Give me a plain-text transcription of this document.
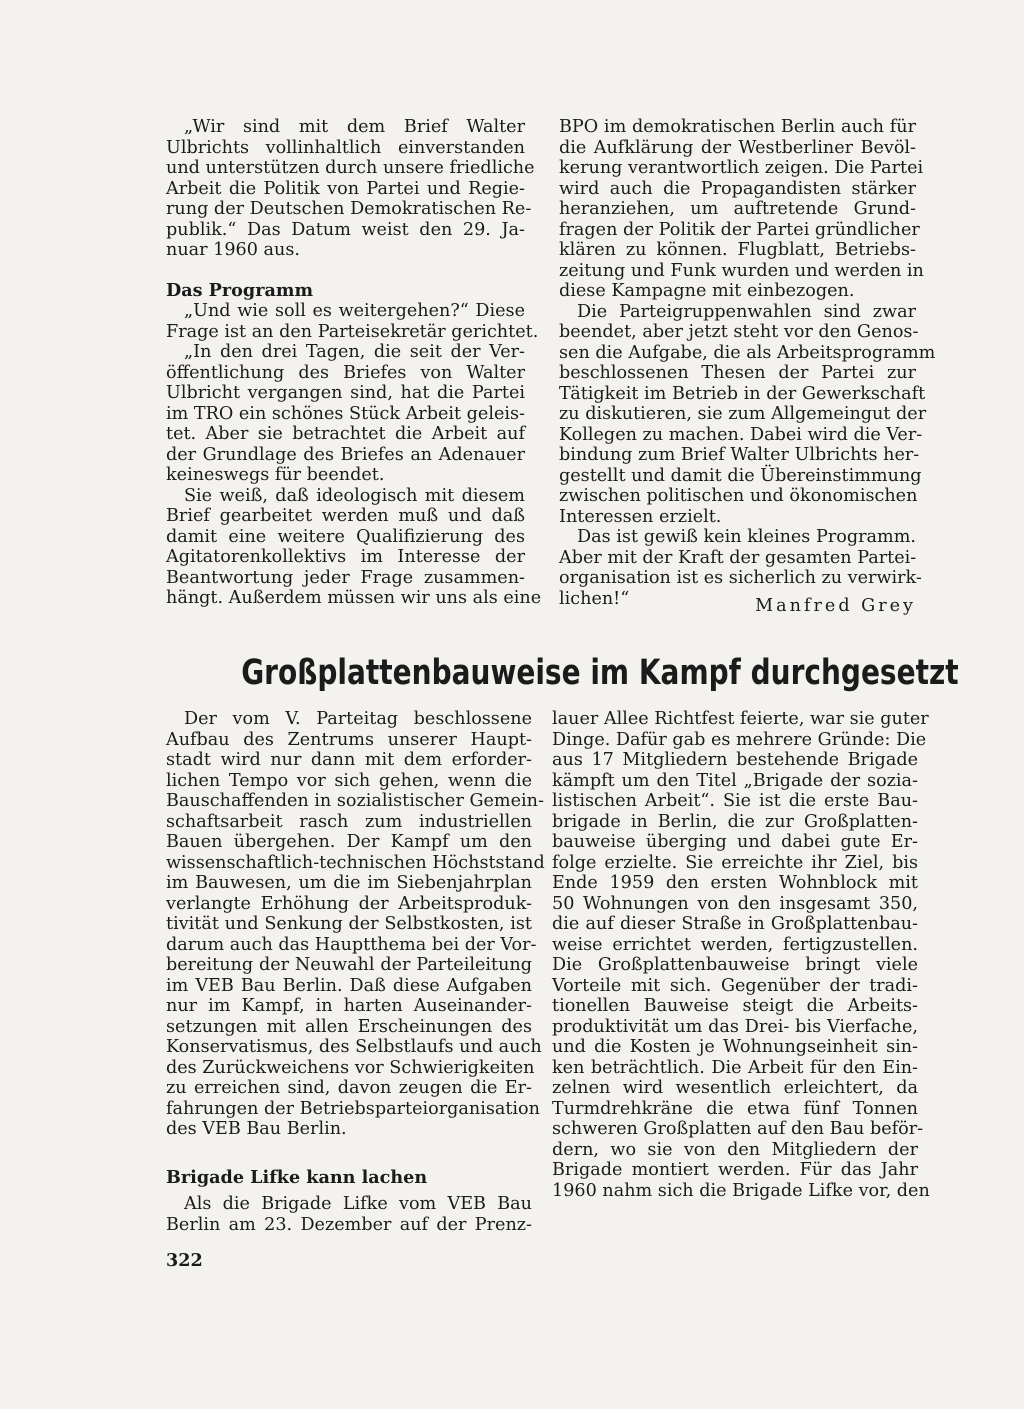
„Wir sind mit dem Brief Walter
Ulbrichts vollinhaltlich einverstanden
und unterstützen durch unsere friedliche
Arbeit die Politik von Partei und Regie-
rung der Deutschen Demokratischen Re-
publik.“ Das Datum weist den 29. Ja-
nuar 1960 aus.
Das Programm
„Und wie soll es weitergehen?“ Diese
Frage ist an den Parteisekretär gerichtet.
„In den drei Tagen, die seit der Ver-
öffentlichung des Briefes von Walter
Ulbricht vergangen sind, hat die Partei
im TRO ein schönes Stück Arbeit geleis-
tet. Aber sie betrachtet die Arbeit auf
der Grundlage des Briefes an Adenauer
keineswegs für beendet.
Sie weiß, daß ideologisch mit diesem
Brief gearbeitet werden muß und daß
damit eine weitere Qualifizierung des
Agitatorenkollektivs im Interesse der
Beantwortung jeder Frage zusammen-
hängt. Außerdem müssen wir uns als eine
BPO im demokratischen Berlin auch für
die Aufklärung der Westberliner Bevöl-
kerung verantwortlich zeigen. Die Partei
wird auch die Propagandisten stärker
heranziehen, um auftretende Grund-
fragen der Politik der Partei gründlicher
klären zu können. Flugblatt, Betriebs-
zeitung und Funk wurden und werden in
diese Kampagne mit einbezogen.
Die Parteigruppenwahlen sind zwar
beendet, aber jetzt steht vor den Genos-
sen die Aufgabe, die als Arbeitsprogramm
beschlossenen Thesen der Partei zur
Tätigkeit im Betrieb in der Gewerkschaft
zu diskutieren, sie zum Allgemeingut der
Kollegen zu machen. Dabei wird die Ver-
bindung zum Brief Walter Ulbrichts her-
gestellt und damit die Übereinstimmung
zwischen politischen und ökonomischen
Interessen erzielt.
Das ist gewiß kein kleines Programm.
Aber mit der Kraft der gesamten Partei-
organisation ist es sicherlich zu verwirk-
lichen!“	Manfred Grey
Großplattenbauweise im Kampf durchgesetzt
Der vom V. Parteitag beschlossene
Aufbau des Zentrums unserer Haupt-
stadt wird nur dann mit dem erforder-
lichen Tempo vor sich gehen, wenn die
Bauschaffenden in sozialistischer Gemein-
schaftsarbeit rasch zum industriellen
Bauen übergehen. Der Kampf um den
wissenschaftlich-technischen Höchststand
im Bauwesen, um die im Siebenjahrplan
verlangte Erhöhung der Arbeitsproduk-
tivität und Senkung der Selbstkosten, ist
darum auch das Hauptthema bei der Vor-
bereitung der Neuwahl der Parteileitung
im VEB Bau Berlin. Daß diese Aufgaben
nur im Kampf, in harten Auseinander-
setzungen mit allen Erscheinungen des
Konservatismus, des Selbstlaufs und auch
des Zurückweichens vor Schwierigkeiten
zu erreichen sind, davon zeugen die Er-
fahrungen der Betriebsparteiorganisation
des VEB Bau Berlin.
Brigade Lifke kann lachen
Als die Brigade Lifke vom VEB Bau
Berlin am 23. Dezember auf der Prenz-
lauer Allee Richtfest feierte, war sie guter
Dinge. Dafür gab es mehrere Gründe: Die
aus 17 Mitgliedern bestehende Brigade
kämpft um den Titel „Brigade der sozia-
listischen Arbeit“. Sie ist die erste Bau-
brigade in Berlin, die zur Großplatten-
bauweise überging und dabei gute Er-
folge erzielte. Sie erreichte ihr Ziel, bis
Ende 1959 den ersten Wohnblock mit
50 Wohnungen von den insgesamt 350,
die auf dieser Straße in Großplattenbau-
weise errichtet werden, fertigzustellen.
Die Großplattenbauweise bringt viele
Vorteile mit sich. Gegenüber der tradi-
tionellen Bauweise steigt die Arbeits-
produktivität um das Drei- bis Vierfache,
und die Kosten je Wohnungseinheit sin-
ken beträchtlich. Die Arbeit für den Ein-
zelnen wird wesentlich erleichtert, da
Turmdrehkräne die etwa fünf Tonnen
schweren Großplatten auf den Bau beför-
dern, wo sie von den Mitgliedern der
Brigade montiert werden. Für das Jahr
1960 nahm sich die Brigade Lifke vor, den
322
